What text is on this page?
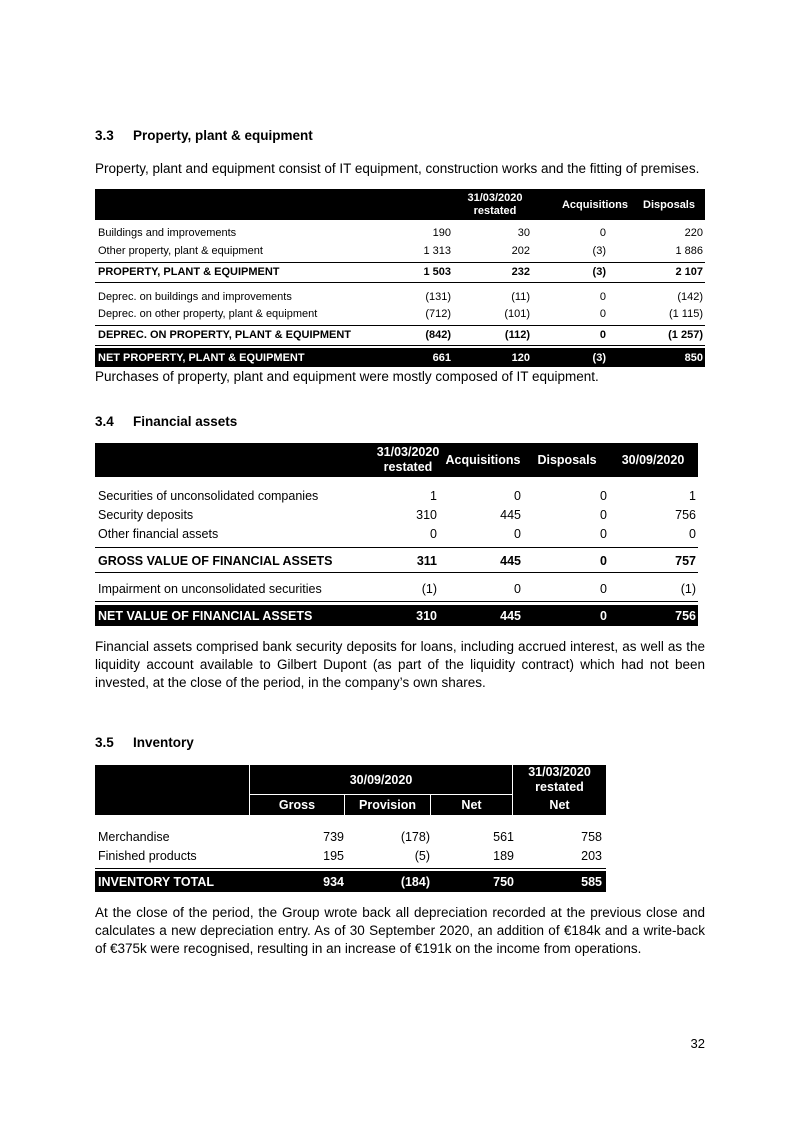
3.3 Property, plant & equipment
Property, plant and equipment consist of IT equipment, construction works and the fitting of premises.
31/03/2020 restated	Acquisitions	Disposals	30/09/2020
Buildings and improvements	190	30	0	220
Other property, plant & equipment	1 313	202	(3)	1 886
PROPERTY, PLANT & EQUIPMENT	1 503	232	(3)	2 107
Deprec. on buildings and improvements	(131)	(11)	0	(142)
Deprec. on other property, plant & equipment	(712)	(101)	0	(1 115)
DEPREC. ON PROPERTY, PLANT & EQUIPMENT	(842)	(112)	0	(1 257)
NET PROPERTY, PLANT & EQUIPMENT	661	120	(3)	850
Purchases of property, plant and equipment were mostly composed of IT equipment.
3.4 Financial assets
31/03/2020 restated	Acquisitions	Disposals	30/09/2020
Securities of unconsolidated companies	1	0	0	1
Security deposits	310	445	0	756
Other financial assets	0	0	0	0
GROSS VALUE OF FINANCIAL ASSETS	311	445	0	757
Impairment on unconsolidated securities	(1)	0	0	(1)
NET VALUE OF FINANCIAL ASSETS	310	445	0	756
Financial assets comprised bank security deposits for loans, including accrued interest, as well as the liquidity account available to Gilbert Dupont (as part of the liquidity contract) which had not been invested, at the close of the period, in the company’s own shares.
3.5 Inventory
30/09/2020
31/03/2020 restated
Gross	Provision	Net	Net
Merchandise	739	(178)	561	758
Finished products	195	(5)	189	203
INVENTORY TOTAL	934	(184)	750	585
At the close of the period, the Group wrote back all depreciation recorded at the previous close and calculates a new depreciation entry. As of 30 September 2020, an addition of €184k and a write-back of €375k were recognised, resulting in an increase of €191k on the income from operations.
32
